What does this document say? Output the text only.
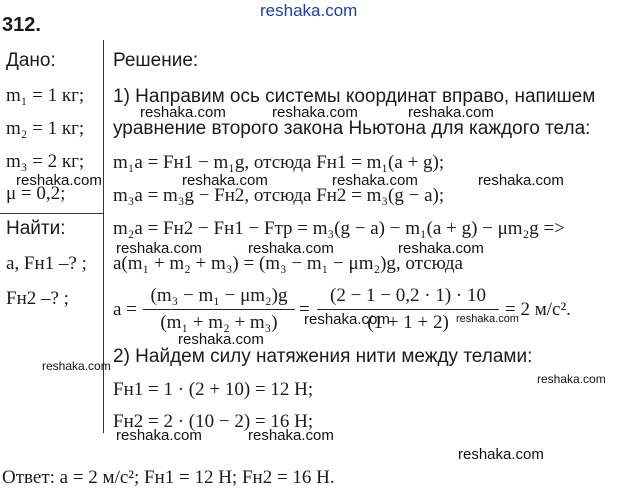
reshaka.com
312.
Дано:
m₁ = 1 кг;
m₂ = 1 кг;
m₃ = 2 кг;
μ = 0,2;
Найти:
a, Fн1 –? ;
Fн2 –? ;
Решение:
1) Направим ось системы координат вправо, напишем
уравнение второго закона Ньютона для каждого тела:
m₁a = Fн1 − m₁g, отсюда Fн1 = m₁(a + g);
m₃a = m₃g − Fн2, отсюда Fн2 = m₃(g − a);
m₂a = Fн2 − Fн1 − Fтр = m₃(g − a) − m₁(a + g) − μm₂g =>
a(m₁ + m₂ + m₃) = (m₃ − m₁ − μm₂)g, отсюда
a =
(m₃ − m₁ − μm₂)g
(m₁ + m₂ + m₃)
=
(2 − 1 − 0,2 · 1) · 10
(1 + 1 + 2)
= 2 м/с².
2) Найдем силу натяжения нити между телами:
Fн1 = 1 · (2 + 10) = 12 Н;
Fн2 = 2 · (10 − 2) = 16 Н;
Ответ: a = 2 м/с²; Fн1 = 12 Н; Fн2 = 16 Н.
reshaka.com	reshaka.com	reshaka.com
reshaka.com	reshaka.com	reshaka.com	reshaka.com
reshaka.com	reshaka.com	reshaka.com
reshaka.com	reshaka.com
reshaka.com
reshaka.com
reshaka.com
reshaka.com	reshaka.com
reshaka.com
